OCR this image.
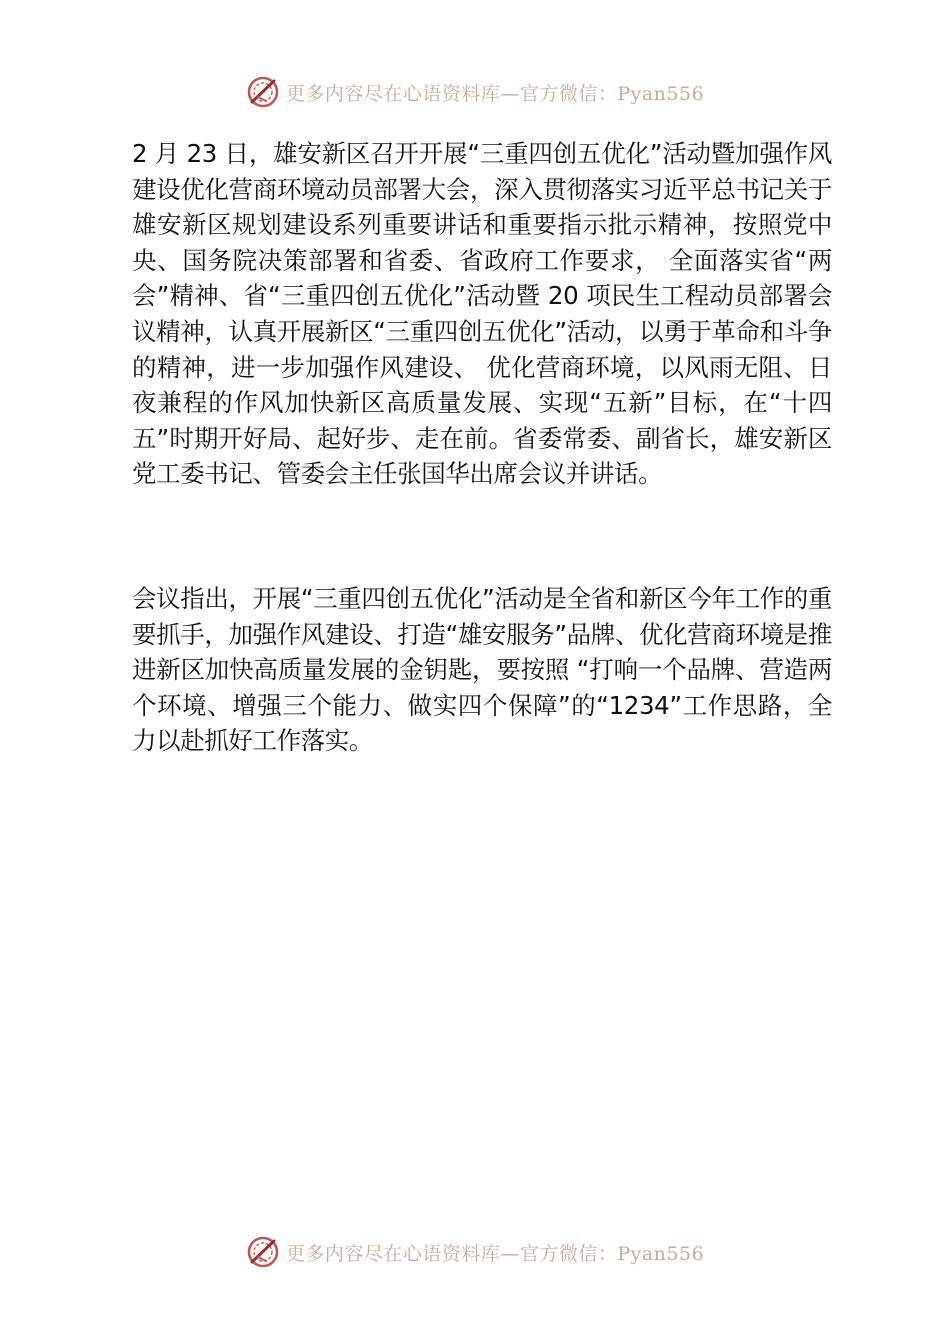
更多内容尽在心语资料库—官方微信：Pyan556

2 月 23 日，雄安新区召开开展“三重四创五优化”活动暨加强作风建设优化营商环境动员部署大会，深入贯彻落实习近平总书记关于雄安新区规划建设系列重要讲话和重要指示批示精神，按照党中央、国务院决策部署和省委、省政府工作要求， 全面落实省“两会”精神、省“三重四创五优化”活动暨 20 项民生工程动员部署会议精神，认真开展新区“三重四创五优化”活动，以勇于革命和斗争的精神，进一步加强作风建设、 优化营商环境，以风雨无阻、日夜兼程的作风加快新区高质量发展、实现“五新”目标，在“十四五”时期开好局、起好步、走在前。省委常委、副省长，雄安新区党工委书记、管委会主任张国华出席会议并讲话。

会议指出，开展“三重四创五优化”活动是全省和新区今年工作的重要抓手，加强作风建设、打造“雄安服务”品牌、优化营商环境是推进新区加快高质量发展的金钥匙，要按照 “打响一个品牌、营造两个环境、增强三个能力、做实四个保障”的“1234”工作思路，全力以赴抓好工作落实。

更多内容尽在心语资料库—官方微信：Pyan556
